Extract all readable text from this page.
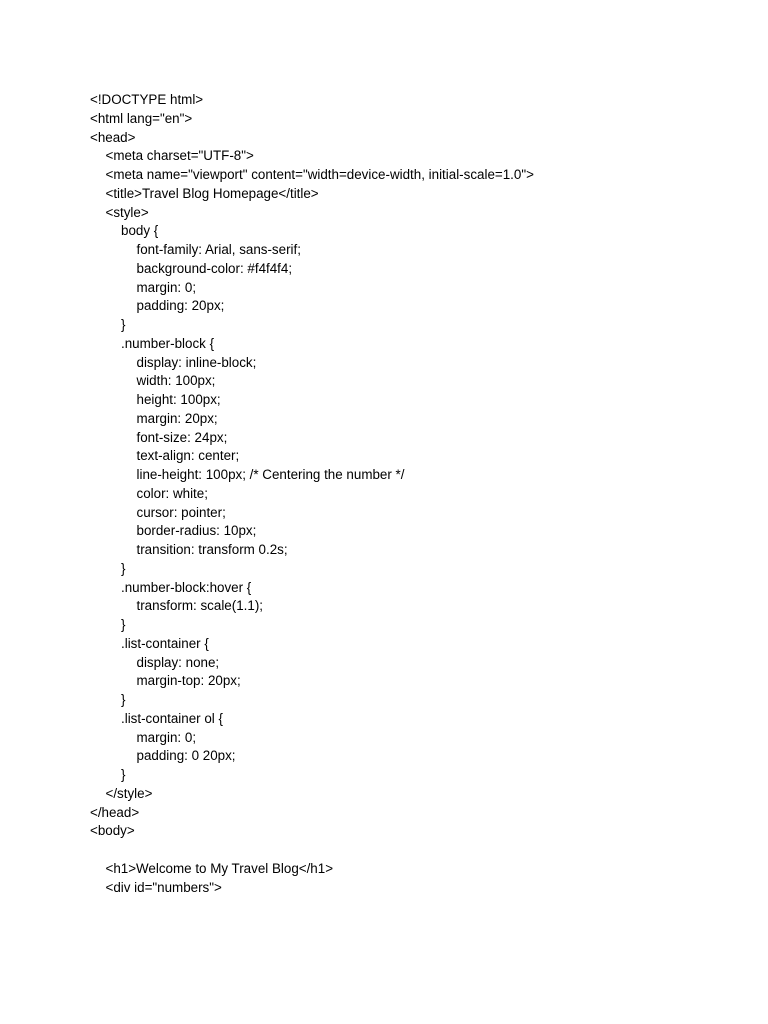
<!DOCTYPE html>
<html lang="en">
<head>
<meta charset="UTF-8">
<meta name="viewport" content="width=device-width, initial-scale=1.0">
<title>Travel Blog Homepage</title>
<style>
body {
font-family: Arial, sans-serif;
background-color: #f4f4f4;
margin: 0;
padding: 20px;
}
.number-block {
display: inline-block;
width: 100px;
height: 100px;
margin: 20px;
font-size: 24px;
text-align: center;
line-height: 100px; /* Centering the number */
color: white;
cursor: pointer;
border-radius: 10px;
transition: transform 0.2s;
}
.number-block:hover {
transform: scale(1.1);
}
.list-container {
display: none;
margin-top: 20px;
}
.list-container ol {
margin: 0;
padding: 0 20px;
}
</style>
</head>
<body>
<h1>Welcome to My Travel Blog</h1>
<div id="numbers">
